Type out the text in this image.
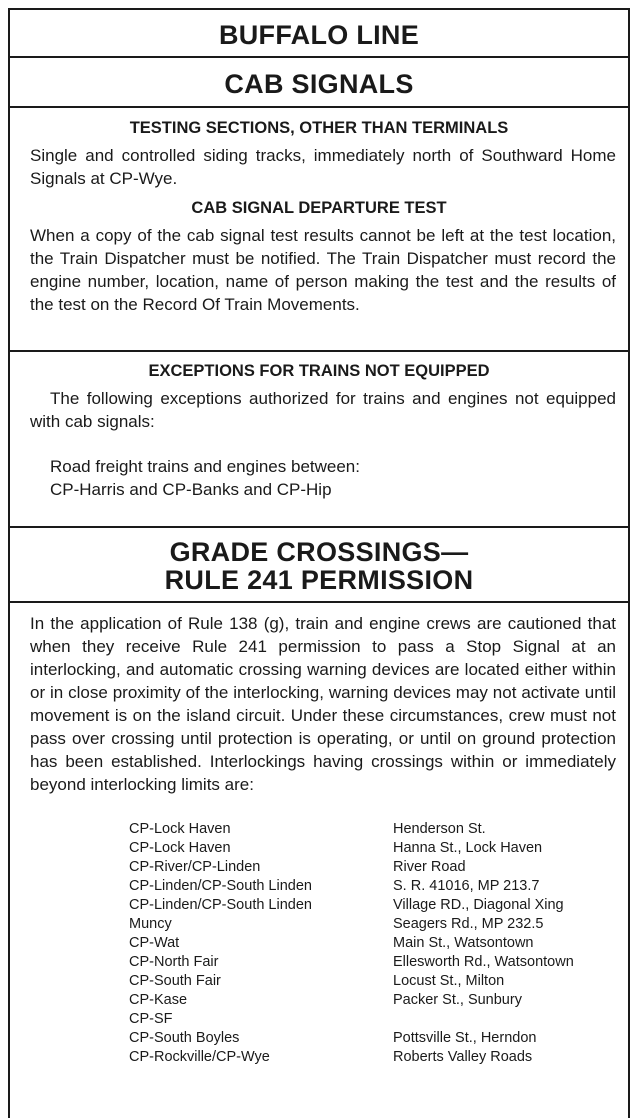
BUFFALO LINE
CAB SIGNALS
TESTING SECTIONS, OTHER THAN TERMINALS
Single and controlled siding tracks, immediately north of Southward Home Signals at CP-Wye.
CAB SIGNAL DEPARTURE TEST
When a copy of the cab signal test results cannot be left at the test location, the Train Dispatcher must be notified. The Train Dispatcher must record the engine number, location, name of person making the test and the results of the test on the Record Of Train Movements.
EXCEPTIONS FOR TRAINS NOT EQUIPPED
The following exceptions authorized for trains and engines not equipped with cab signals:
Road freight trains and engines between:
CP-Harris and CP-Banks and CP-Hip
GRADE CROSSINGS—
RULE 241 PERMISSION
In the application of Rule 138 (g), train and engine crews are cautioned that when they receive Rule 241 permission to pass a Stop Signal at an interlocking, and automatic crossing warning devices are located either within or in close proximity of the interlocking, warning devices may not activate until movement is on the island circuit. Under these circumstances, crew must not pass over crossing until protection is operating, or until on ground protection has been established. Interlockings having crossings within or immediately beyond interlocking limits are:
CP-Lock Haven	Henderson St.
CP-Lock Haven	Hanna St., Lock Haven
CP-River/CP-Linden	River Road
CP-Linden/CP-South Linden	S. R. 41016, MP 213.7
CP-Linden/CP-South Linden	Village RD., Diagonal Xing
Muncy	Seagers Rd., MP 232.5
CP-Wat	Main St., Watsontown
CP-North Fair	Ellesworth Rd., Watsontown
CP-South Fair	Locust St., Milton
CP-Kase	Packer St., Sunbury
CP-SF
CP-South Boyles	Pottsville St., Herndon
CP-Rockville/CP-Wye	Roberts Valley Roads
